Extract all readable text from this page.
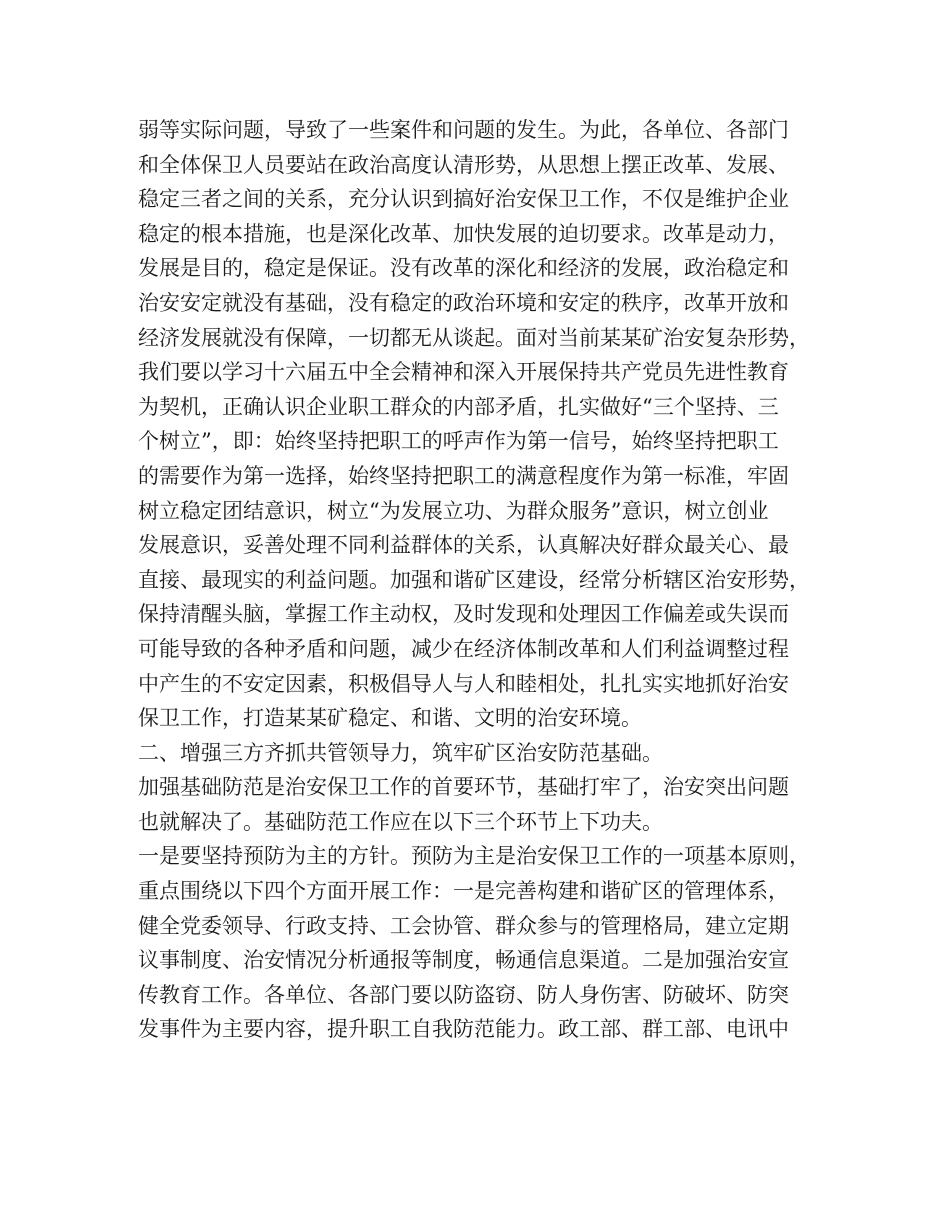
弱等实际问题，导致了一些案件和问题的发生。为此，各单位、各部门
和全体保卫人员要站在政治高度认清形势，从思想上摆正改革、发展、
稳定三者之间的关系，充分认识到搞好治安保卫工作，不仅是维护企业
稳定的根本措施，也是深化改革、加快发展的迫切要求。改革是动力，
发展是目的，稳定是保证。没有改革的深化和经济的发展，政治稳定和
治安安定就没有基础，没有稳定的政治环境和安定的秩序，改革开放和
经济发展就没有保障，一切都无从谈起。面对当前某某矿治安复杂形势，
我们要以学习十六届五中全会精神和深入开展保持共产党员先进性教育
为契机，正确认识企业职工群众的内部矛盾，扎实做好“三个坚持、三
个树立”，即：始终坚持把职工的呼声作为第一信号，始终坚持把职工
的需要作为第一选择，始终坚持把职工的满意程度作为第一标准，牢固
树立稳定团结意识，树立“为发展立功、为群众服务”意识，树立创业
发展意识，妥善处理不同利益群体的关系，认真解决好群众最关心、最
直接、最现实的利益问题。加强和谐矿区建设，经常分析辖区治安形势，
保持清醒头脑，掌握工作主动权，及时发现和处理因工作偏差或失误而
可能导致的各种矛盾和问题，减少在经济体制改革和人们利益调整过程
中产生的不安定因素，积极倡导人与人和睦相处，扎扎实实地抓好治安
保卫工作，打造某某矿稳定、和谐、文明的治安环境。
二、增强三方齐抓共管领导力，筑牢矿区治安防范基础。
加强基础防范是治安保卫工作的首要环节，基础打牢了，治安突出问题
也就解决了。基础防范工作应在以下三个环节上下功夫。
一是要坚持预防为主的方针。预防为主是治安保卫工作的一项基本原则，
重点围绕以下四个方面开展工作：一是完善构建和谐矿区的管理体系，
健全党委领导、行政支持、工会协管、群众参与的管理格局，建立定期
议事制度、治安情况分析通报等制度，畅通信息渠道。二是加强治安宣
传教育工作。各单位、各部门要以防盗窃、防人身伤害、防破坏、防突
发事件为主要内容，提升职工自我防范能力。政工部、群工部、电讯中
